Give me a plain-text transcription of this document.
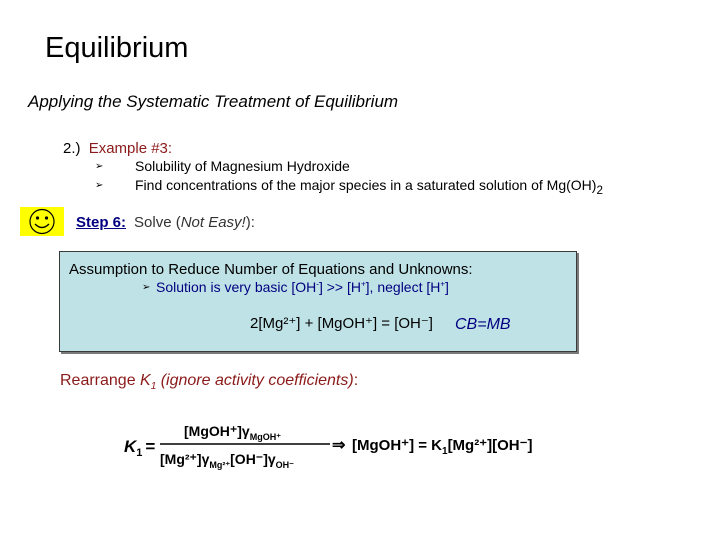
Equilibrium
Applying the Systematic Treatment of Equilibrium
2.) Example #3:
➢	Solubility of Magnesium Hydroxide
➢	Find concentrations of the major species in a saturated solution of $Mg(OH)_2$
Step 6: Solve (Not Easy!):
Assumption to Reduce Number of Equations and Unknowns:
➢ Solution is very basic [OH-] >> [H+], neglect [H+]
2[Mg²⁺] + [MgOH⁺] = [OH⁻] CB=MB
Rearrange $K_1$ (ignore activity coefficients):
$K_1$ =
$[MgOH^+]\gamma_{MgOH^+}$
$[Mg^{2+}]\gamma_{Mg^{2+}}[OH^-]\gamma_{OH^-}$
⇒ [MgOH⁺] = $K_1[Mg^{2+}][OH^-]$
